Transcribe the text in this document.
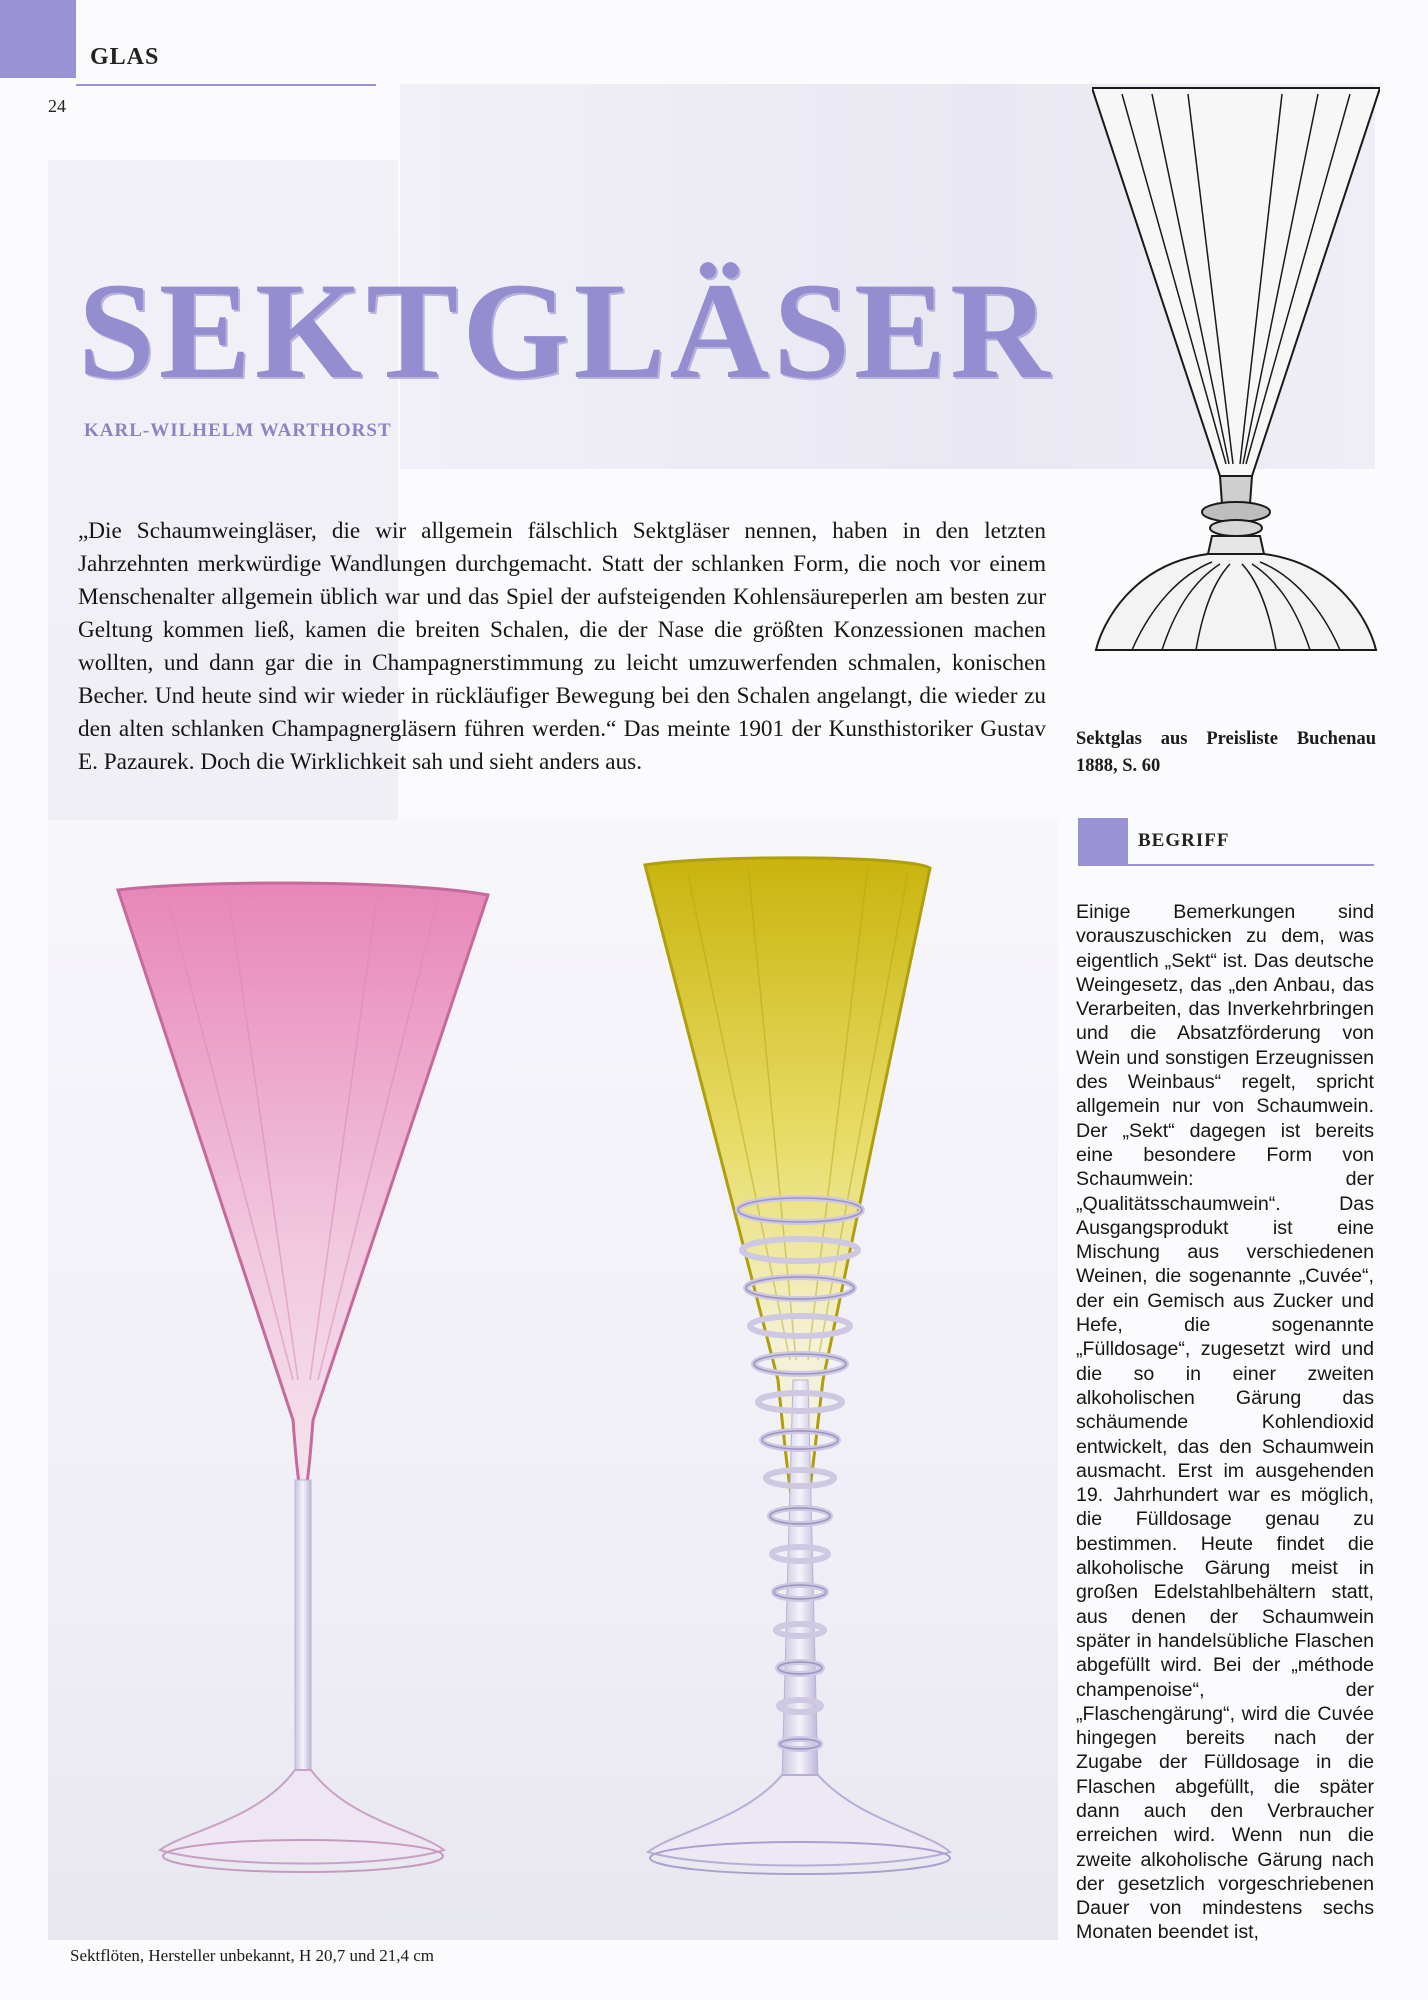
GLAS
24
SEKTGLÄSER
KARL-WILHELM WARTHORST

„Die Schaumweingläser, die wir allgemein fälschlich Sektgläser nennen, haben in den letzten Jahrzehnten merkwürdige Wandlungen durchgemacht. Statt der schlanken Form, die noch vor einem Menschenalter allgemein üblich war und das Spiel der aufsteigenden Kohlensäureperlen am besten zur Geltung kommen ließ, kamen die breiten Schalen, die der Nase die größten Konzessionen machen wollten, und dann gar die in Champagnerstimmung zu leicht umzuwerfenden schmalen, konischen Becher. Und heute sind wir wieder in rückläufiger Bewegung bei den Schalen angelangt, die wieder zu den alten schlanken Champagnergläsern führen werden.“ Das meinte 1901 der Kunsthistoriker Gustav E. Pazaurek. Doch die Wirklichkeit sah und sieht anders aus.

Sektglas aus Preisliste Buchenau 1888, S. 60
BEGRIFF
Einige Bemerkungen sind vorauszuschicken zu dem, was eigentlich „Sekt“ ist. Das deutsche Weingesetz, das „den Anbau, das Verarbeiten, das Inverkehrbringen und die Absatzförderung von Wein und sonstigen Erzeugnissen des Weinbaus“ regelt, spricht allgemein nur von Schaumwein. Der „Sekt“ dagegen ist bereits eine besondere Form von Schaumwein: der „Qualitätsschaumwein“. Das Ausgangsprodukt ist eine Mischung aus verschiedenen Weinen, die sogenannte „Cuvée“, der ein Gemisch aus Zucker und Hefe, die sogenannte „Fülldosage“, zugesetzt wird und die so in einer zweiten alkoholischen Gärung das schäumende Kohlendioxid entwickelt, das den Schaumwein ausmacht. Erst im ausgehenden 19. Jahrhundert war es möglich, die Fülldosage genau zu bestimmen. Heute findet die alkoholische Gärung meist in großen Edelstahlbehältern statt, aus denen der Schaumwein später in handelsübliche Flaschen abgefüllt wird. Bei der „méthode champenoise“, der „Flaschengärung“, wird die Cuvée hingegen bereits nach der Zugabe der Fülldosage in die Flaschen abgefüllt, die später dann auch den Verbraucher erreichen wird. Wenn nun die zweite alkoholische Gärung nach der gesetzlich vorgeschriebenen Dauer von mindestens sechs Monaten beendet ist,
Sektflöten, Hersteller unbekannt, H 20,7 und 21,4 cm
